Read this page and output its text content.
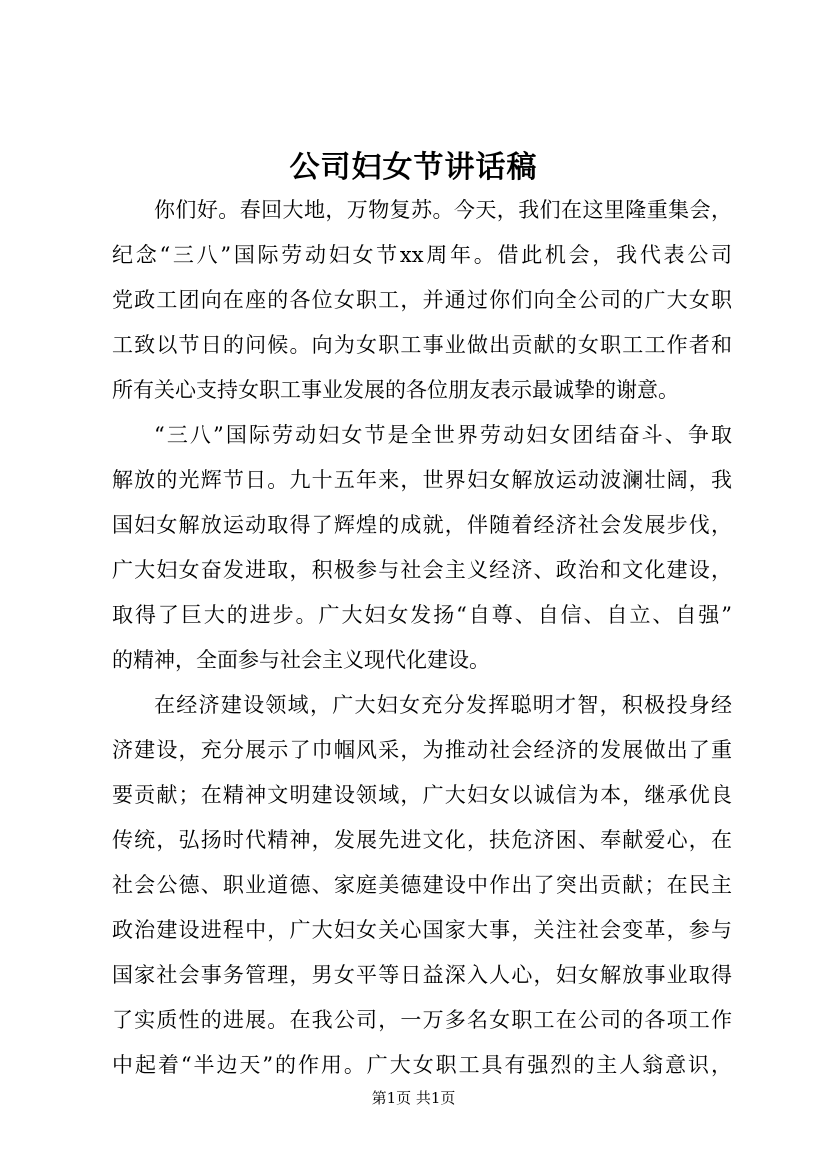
公司妇女节讲话稿
你们好。春回大地，万物复苏。今天，我们在这里隆重集会，
纪念“三八”国际劳动妇女节xx周年。借此机会，我代表公司
党政工团向在座的各位女职工，并通过你们向全公司的广大女职
工致以节日的问候。向为女职工事业做出贡献的女职工工作者和
所有关心支持女职工事业发展的各位朋友表示最诚挚的谢意。
“三八”国际劳动妇女节是全世界劳动妇女团结奋斗、争取
解放的光辉节日。九十五年来，世界妇女解放运动波澜壮阔，我
国妇女解放运动取得了辉煌的成就，伴随着经济社会发展步伐，
广大妇女奋发进取，积极参与社会主义经济、政治和文化建设，
取得了巨大的进步。广大妇女发扬“自尊、自信、自立、自强”
的精神，全面参与社会主义现代化建设。
在经济建设领域，广大妇女充分发挥聪明才智，积极投身经
济建设，充分展示了巾帼风采，为推动社会经济的发展做出了重
要贡献；在精神文明建设领域，广大妇女以诚信为本，继承优良
传统，弘扬时代精神，发展先进文化，扶危济困、奉献爱心，在
社会公德、职业道德、家庭美德建设中作出了突出贡献；在民主
政治建设进程中，广大妇女关心国家大事，关注社会变革，参与
国家社会事务管理，男女平等日益深入人心，妇女解放事业取得
了实质性的进展。在我公司，一万多名女职工在公司的各项工作
中起着“半边天”的作用。广大女职工具有强烈的主人翁意识，
第1页 共1页
